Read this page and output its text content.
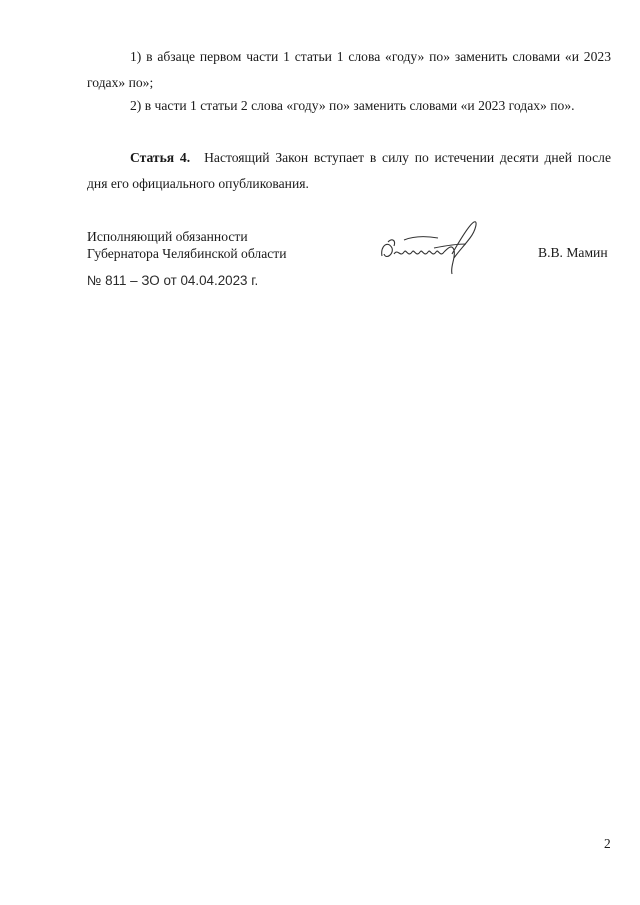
1) в абзаце первом части 1 статьи 1 слова «году» по» заменить словами «и 2023 годах» по»;

2) в части 1 статьи 2 слова «году» по» заменить словами «и 2023 годах» по».

Статья 4. Настоящий Закон вступает в силу по истечении десяти дней после дня его официального опубликования.

Исполняющий обязанности
Губернатора Челябинской области	В.В. Мамин
№ 811 – ЗО от 04.04.2023 г.
2
